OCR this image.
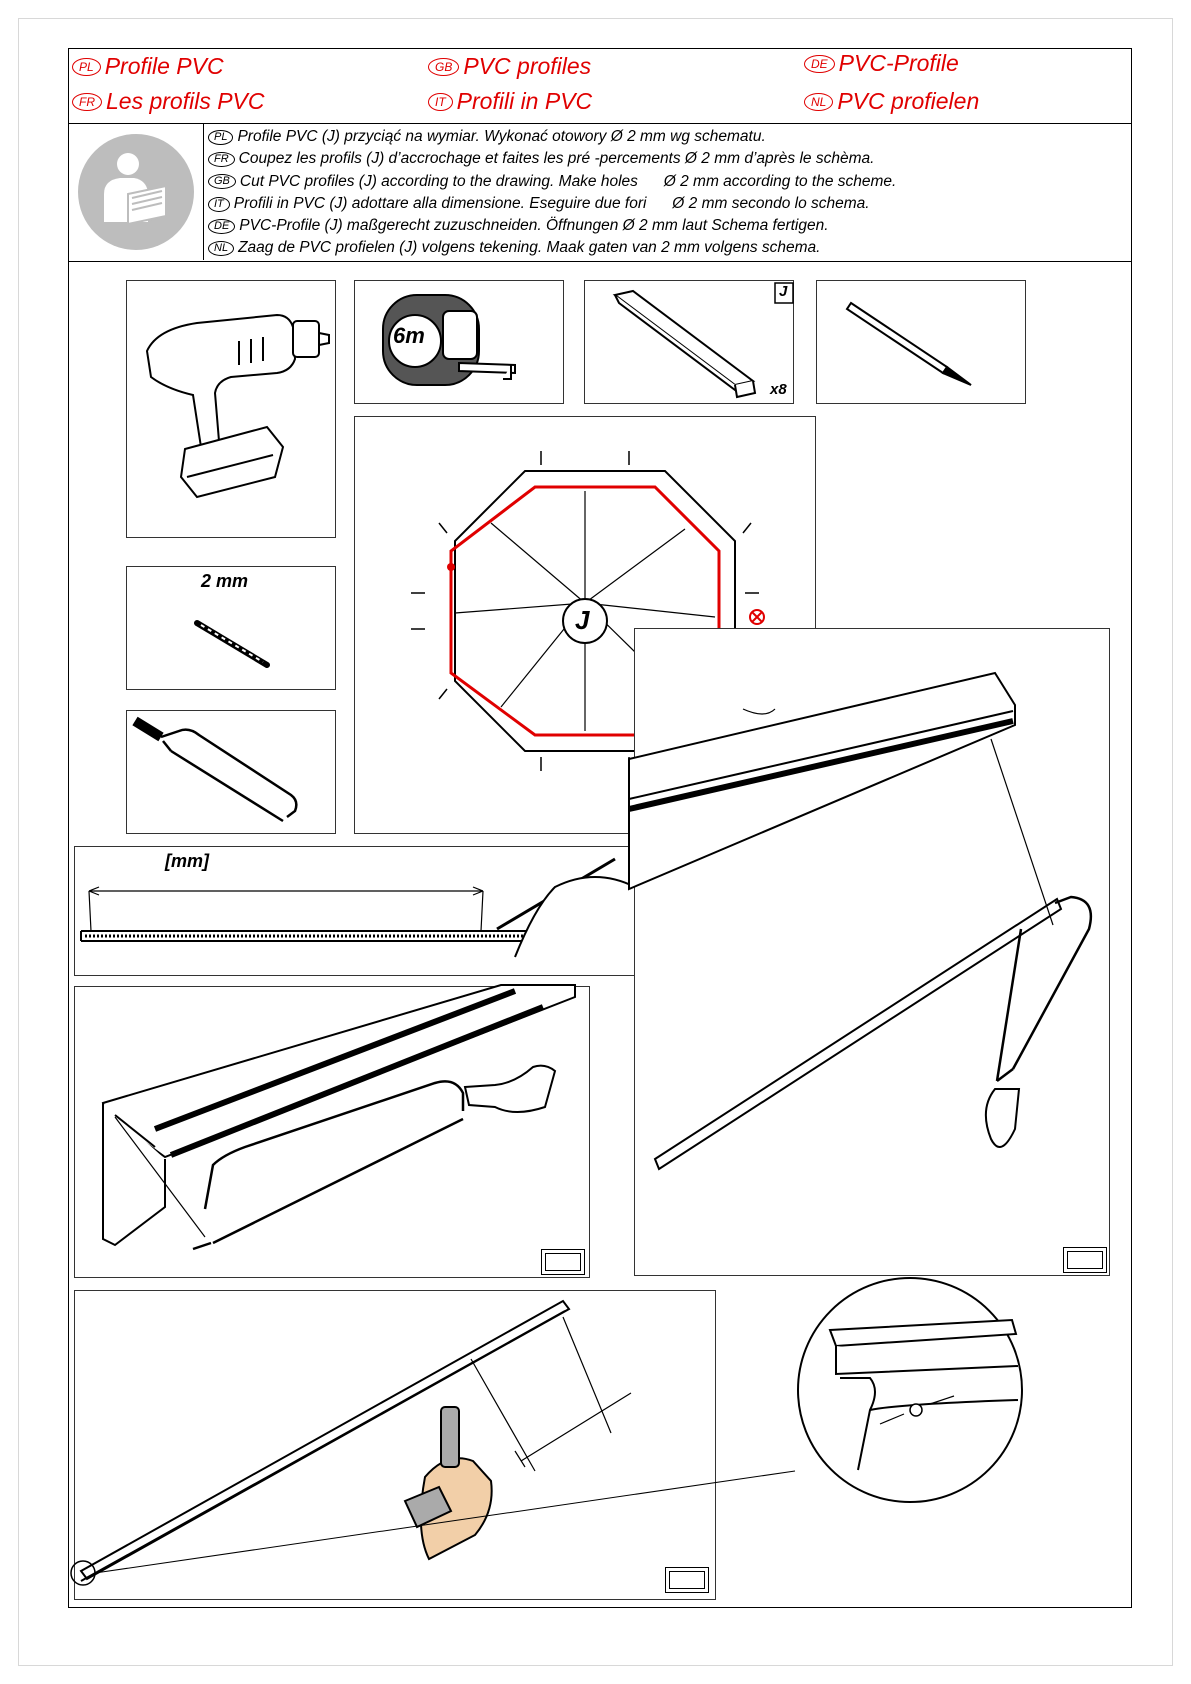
PL Profile PVC	GB PVC profiles	DE PVC-Profile
FR Les profils PVC	IT Profili in PVC	NL PVC profielen
PL Profile PVC (J) przyciąć na wymiar. Wykonać otowory Ø 2 mm wg schematu.
FR Coupez les profils (J) d’accrochage et faites les pré -percements Ø 2 mm d’après le schèma.
GB Cut PVC profiles (J) according to the drawing. Make holes      Ø 2 mm according to the scheme.
IT Profili in PVC (J) adottare alla dimensione. Eseguire due fori      Ø 2 mm secondo lo schema.
DE PVC-Profile (J) maßgerecht zuzuschneiden. Öffnungen Ø 2 mm laut Schema fertigen.
NL Zaag de PVC profielen (J) volgens tekening. Maak gaten van 2 mm volgens schema.
6m
J
x8
2 mm
J
[mm]
